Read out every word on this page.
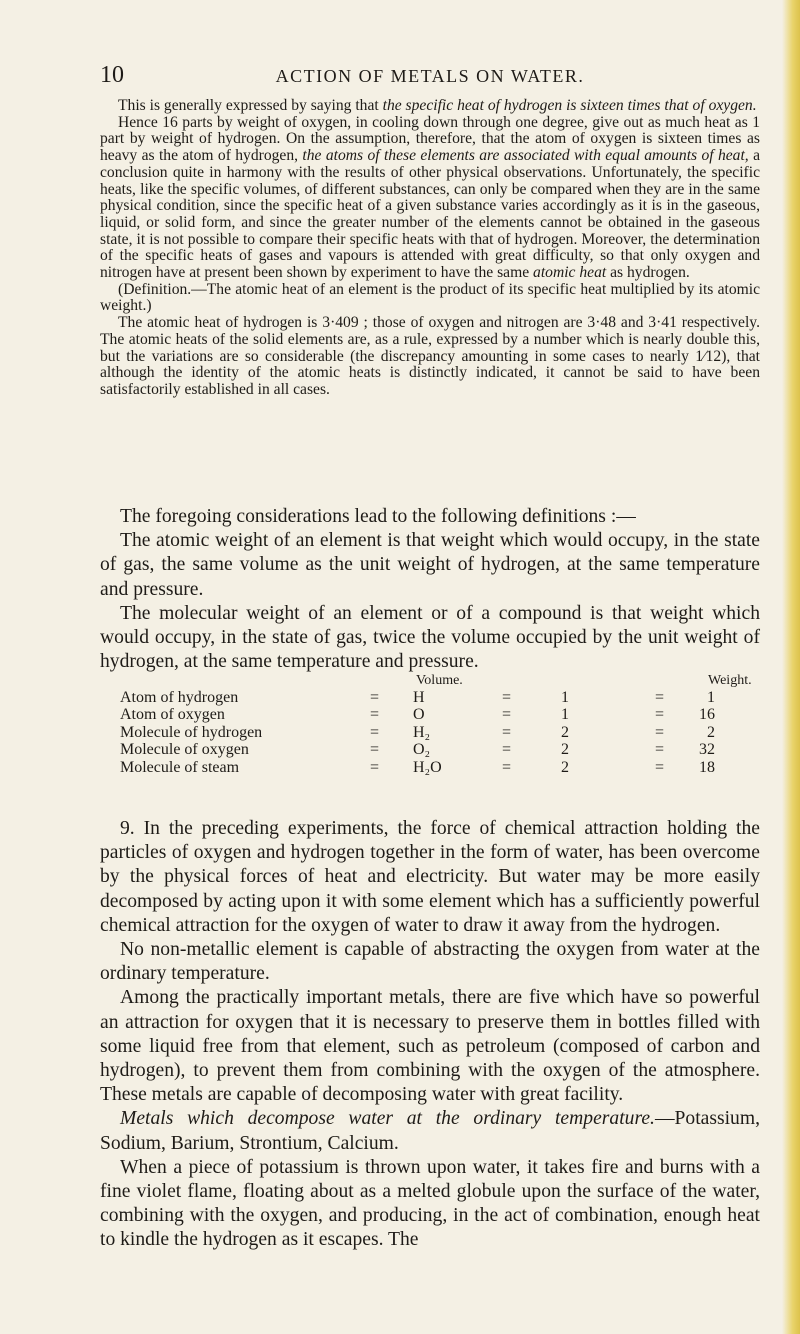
10	ACTION OF METALS ON WATER.

This is generally expressed by saying that the specific heat of hydrogen is sixteen times that of oxygen.

Hence 16 parts by weight of oxygen, in cooling down through one degree, give out as much heat as 1 part by weight of hydrogen. On the assumption, therefore, that the atom of oxygen is sixteen times as heavy as the atom of hydrogen, the atoms of these elements are associated with equal amounts of heat, a conclusion quite in harmony with the results of other physical observations. Unfortunately, the specific heats, like the specific volumes, of different substances, can only be compared when they are in the same physical condition, since the specific heat of a given substance varies accordingly as it is in the gaseous, liquid, or solid form, and since the greater number of the elements cannot be obtained in the gaseous state, it is not possible to compare their specific heats with that of hydrogen. Moreover, the determination of the specific heats of gases and vapours is attended with great difficulty, so that only oxygen and nitrogen have at present been shown by experiment to have the same atomic heat as hydrogen.

(Definition.—The atomic heat of an element is the product of its specific heat multiplied by its atomic weight.)

The atomic heat of hydrogen is 3·409 ; those of oxygen and nitrogen are 3·48 and 3·41 respectively. The atomic heats of the solid elements are, as a rule, expressed by a number which is nearly double this, but the variations are so considerable (the discrepancy amounting in some cases to nearly 1⁄12), that although the identity of the atomic heats is distinctly indicated, it cannot be said to have been satisfactorily established in all cases.

The foregoing considerations lead to the following definitions :—

The atomic weight of an element is that weight which would occupy, in the state of gas, the same volume as the unit weight of hydrogen, at the same temperature and pressure.

The molecular weight of an element or of a compound is that weight which would occupy, in the state of gas, twice the volume occupied by the unit weight of hydrogen, at the same temperature and pressure.

Volume.	Weight.
Atom of hydrogen	= H	=	1	=	1
Atom of oxygen	= O	=	1	=	16
Molecule of hydrogen	= H₂	=	2	=	2
Molecule of oxygen	= O₂	=	2	=	32
Molecule of steam	= H₂O	=	2	=	18

9. In the preceding experiments, the force of chemical attraction holding the particles of oxygen and hydrogen together in the form of water, has been overcome by the physical forces of heat and electricity. But water may be more easily decomposed by acting upon it with some element which has a sufficiently powerful chemical attraction for the oxygen of water to draw it away from the hydrogen.

No non-metallic element is capable of abstracting the oxygen from water at the ordinary temperature.

Among the practically important metals, there are five which have so powerful an attraction for oxygen that it is necessary to preserve them in bottles filled with some liquid free from that element, such as petroleum (composed of carbon and hydrogen), to prevent them from combining with the oxygen of the atmosphere. These metals are capable of decomposing water with great facility.

Metals which decompose water at the ordinary temperature.—Potassium, Sodium, Barium, Strontium, Calcium.

When a piece of potassium is thrown upon water, it takes fire and burns with a fine violet flame, floating about as a melted globule upon the surface of the water, combining with the oxygen, and producing, in the act of combination, enough heat to kindle the hydrogen as it escapes. The
